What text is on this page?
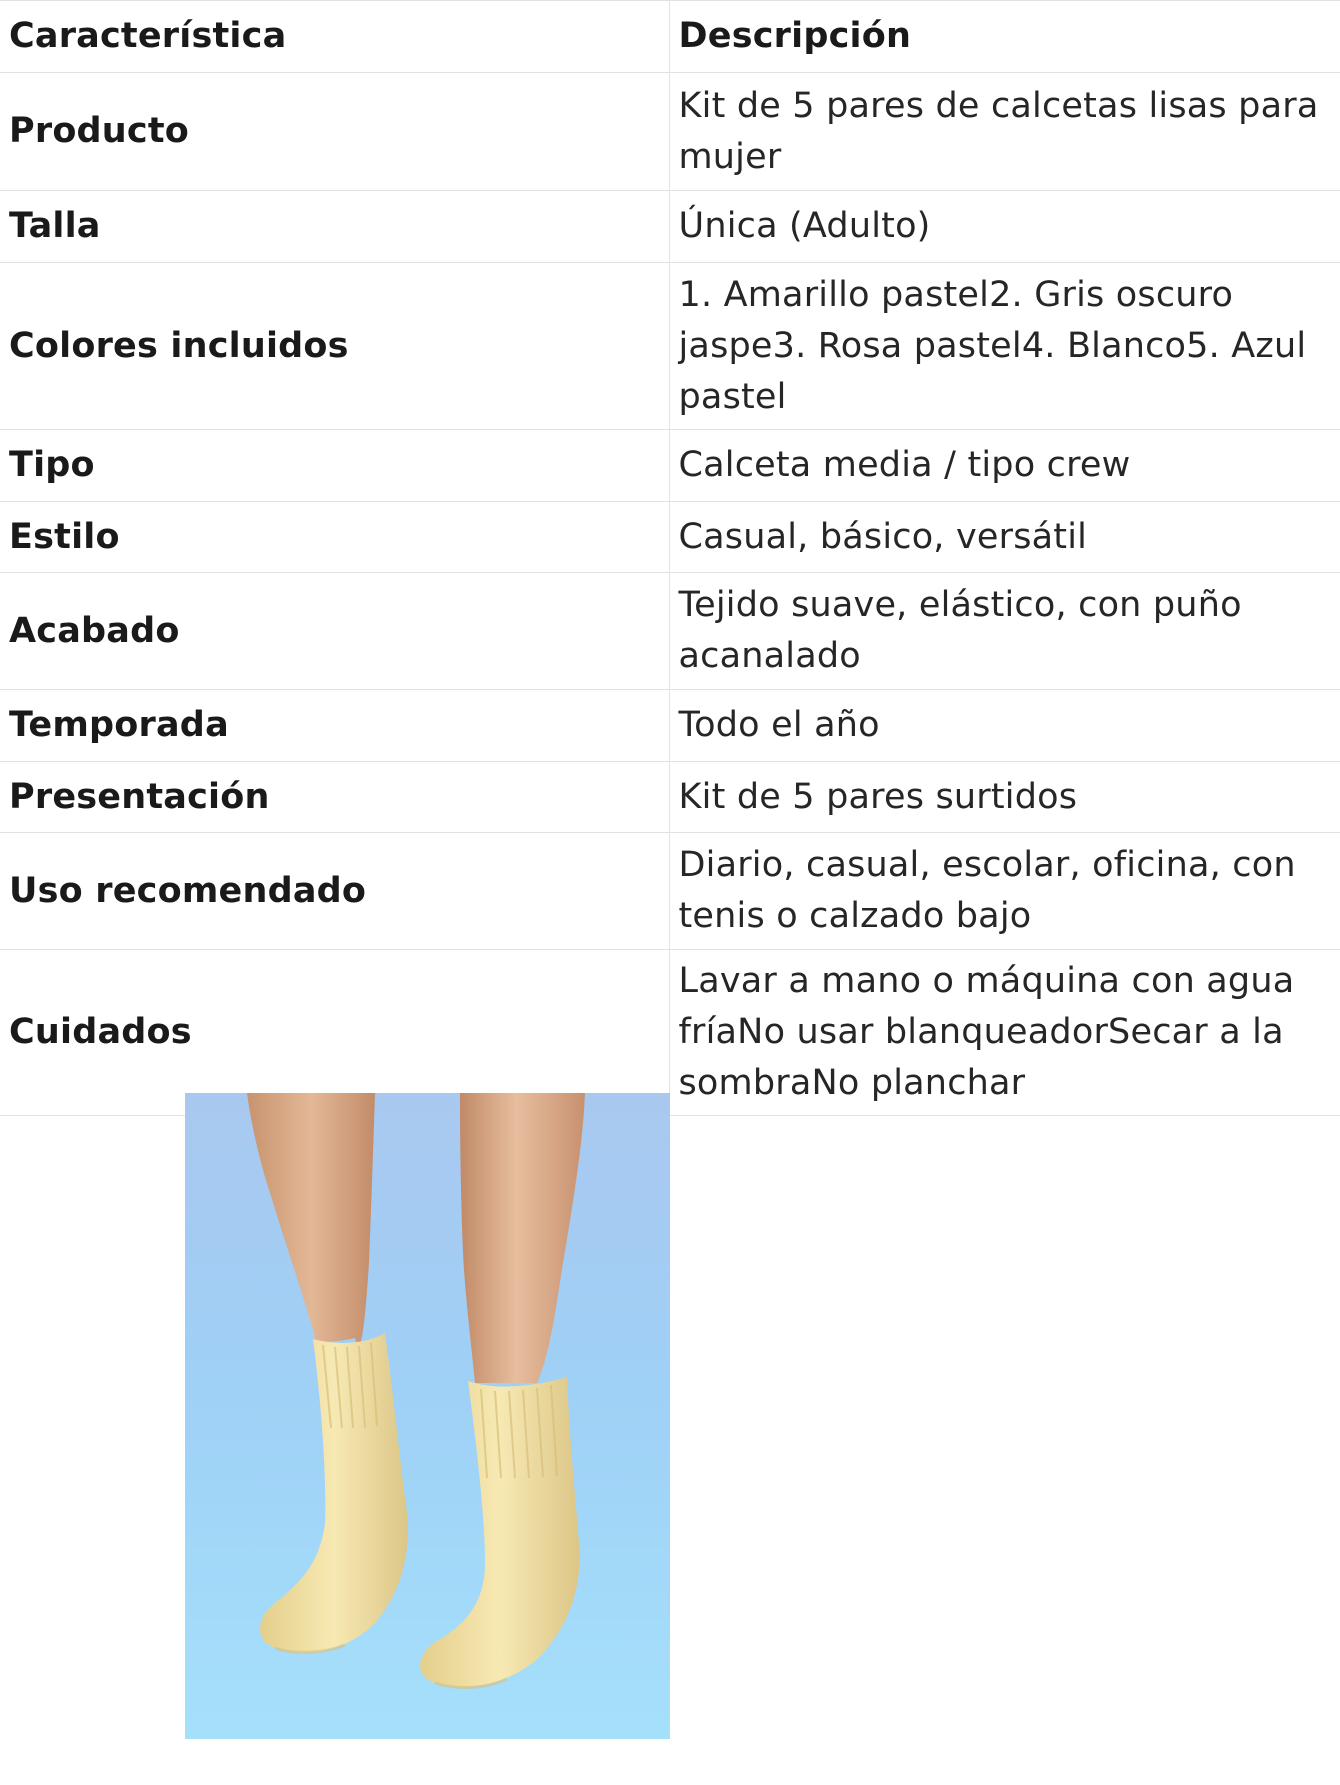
Característica	Descripción
Producto	Kit de 5 pares de calcetas lisas para mujer
Talla	Única (Adulto)
Colores incluidos	1. Amarillo pastel2. Gris oscuro jaspe3. Rosa pastel4. Blanco5. Azul pastel
Tipo	Calceta media / tipo crew
Estilo	Casual, básico, versátil
Acabado	Tejido suave, elástico, con puño acanalado
Temporada	Todo el año
Presentación	Kit de 5 pares surtidos
Uso recomendado	Diario, casual, escolar, oficina, con tenis o calzado bajo
Cuidados	Lavar a mano o máquina con agua fríaNo usar blanqueadorSecar a la sombraNo planchar
